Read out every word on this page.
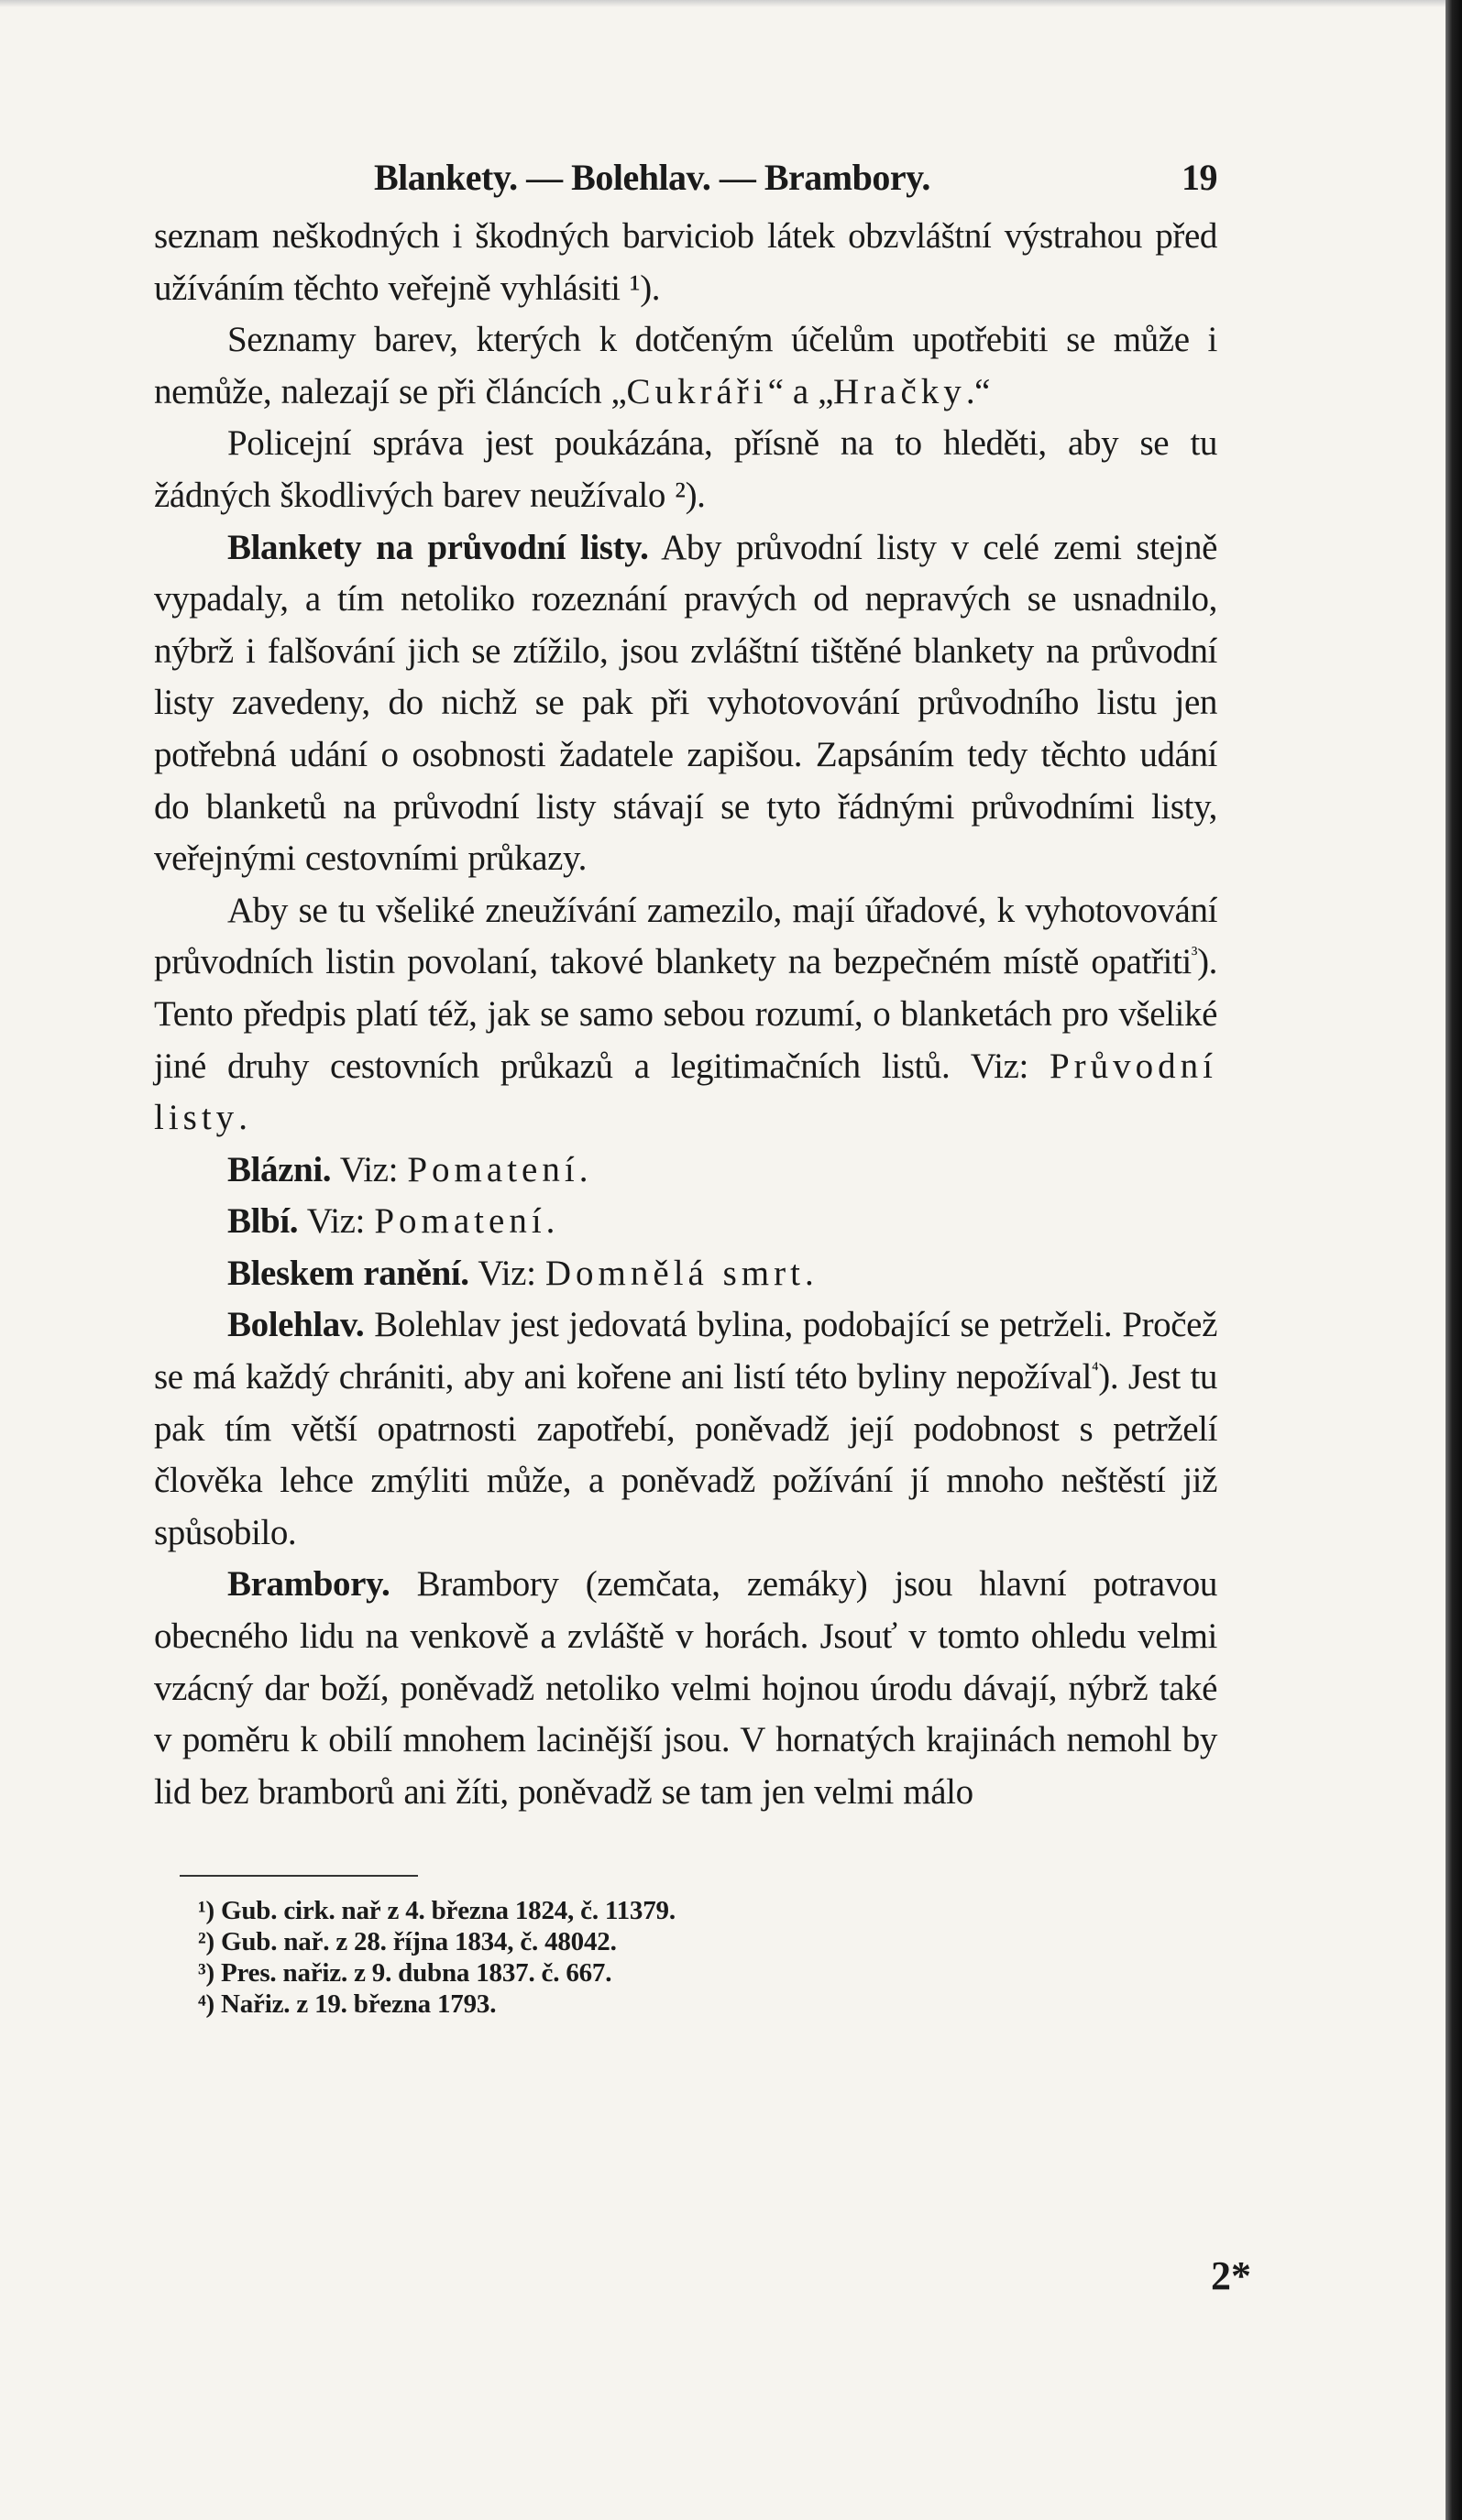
Blankety. — Bolehlav. — Brambory.	19

seznam neškodných i škodných barviciob látek obzvláštní výstrahou před užíváním těchto veřejně vyhlásiti ¹).

Seznamy barev, kterých k dotčeným účelům upotřebiti se může i nemůže, nalezají se při článcích „Cukráři“ a „Hračky.“

Policejní správa jest poukázána, přísně na to hleděti, aby se tu žádných škodlivých barev neužívalo ²).

Blankety na průvodní listy. Aby průvodní listy v celé zemi stejně vypadaly, a tím netoliko rozeznání pravých od nepravých se usnadnilo, nýbrž i falšování jich se ztížilo, jsou zvláštní tištěné blankety na průvodní listy zavedeny, do nichž se pak při vyhotovování průvodního listu jen potřebná udání o osobnosti žadatele zapišou. Zapsáním tedy těchto udání do blanketů na průvodní listy stávají se tyto řádnými průvodními listy, veřejnými cestovními průkazy.

Aby se tu všeliké zneužívání zamezilo, mají úřadové, k vyhotovování průvodních listin povolaní, takové blankety na bezpečném místě opatřiti$^{^3}$). Tento předpis platí též, jak se samo sebou rozumí, o blanketách pro všeliké jiné druhy cestovních průkazů a legitimačních listů. Viz: Průvodní listy.

Blázni. Viz: Pomatení.

Blbí. Viz: Pomatení.

Bleskem ranění. Viz: Domnělá smrt.

Bolehlav. Bolehlav jest jedovatá bylina, podobající se petrželi. Pročež se má každý chrániti, aby ani kořene ani listí této byliny nepožíval$^{^4}$). Jest tu pak tím větší opatrnosti zapotřebí, poněvadž její podobnost s petrželí člověka lehce zmýliti může, a poněvadž požívání jí mnoho neštěstí již spůsobilo.

Brambory. Brambory (zemčata, zemáky) jsou hlavní potravou obecného lidu na venkově a zvláště v horách. Jsouť v tomto ohledu velmi vzácný dar boží, poněvadž netoliko velmi hojnou úrodu dávají, nýbrž také v poměru k obilí mnohem lacinější jsou. V hornatých krajinách nemohl by lid bez bramborů ani žíti, poněvadž se tam jen velmi málo

¹) Gub. cirk. nař z 4. března 1824, č. 11379.
²) Gub. nař. z 28. října 1834, č. 48042.
³) Pres. nařiz. z 9. dubna 1837. č. 667.
⁴) Nařiz. z 19. března 1793.
2*
